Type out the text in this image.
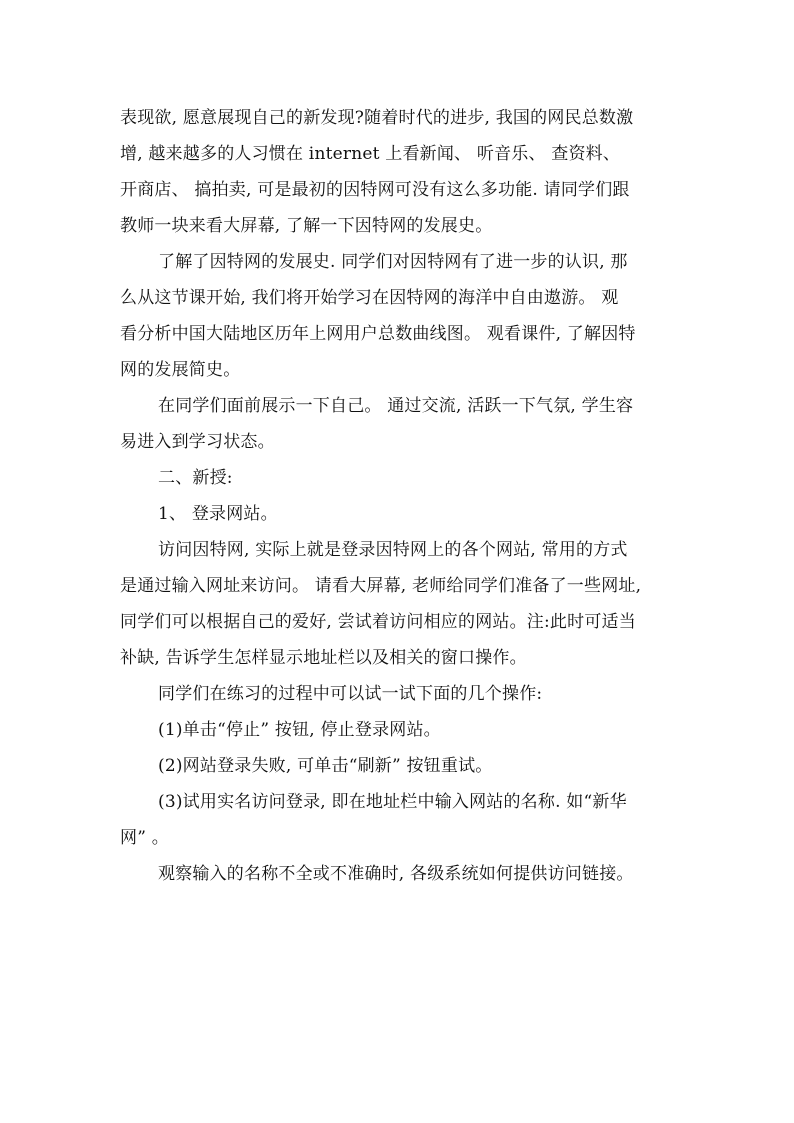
表现欲, 愿意展现自己的新发现?随着时代的进步, 我国的网民总数激
增, 越来越多的人习惯在 internet 上看新闻、 听音乐、 查资料、
开商店、 搞拍卖, 可是最初的因特网可没有这么多功能. 请同学们跟
教师一块来看大屏幕, 了解一下因特网的发展史。
了解了因特网的发展史. 同学们对因特网有了进一步的认识, 那
么从这节课开始, 我们将开始学习在因特网的海洋中自由遨游。 观
看分析中国大陆地区历年上网用户总数曲线图。 观看课件, 了解因特
网的发展简史。
在同学们面前展示一下自己。 通过交流, 活跃一下气氛, 学生容
易进入到学习状态。
二、新授:
1、 登录网站。
访问因特网, 实际上就是登录因特网上的各个网站, 常用的方式
是通过输入网址来访问。 请看大屏幕, 老师给同学们准备了一些网址,
同学们可以根据自己的爱好, 尝试着访问相应的网站。注:此时可适当
补缺, 告诉学生怎样显示地址栏以及相关的窗口操作。
同学们在练习的过程中可以试一试下面的几个操作:
(1)单击“停止” 按钮, 停止登录网站。
(2)网站登录失败, 可单击“刷新” 按钮重试。
(3)试用实名访问登录, 即在地址栏中输入网站的名称. 如“新华
网” 。
观察输入的名称不全或不准确时, 各级系统如何提供访问链接。
